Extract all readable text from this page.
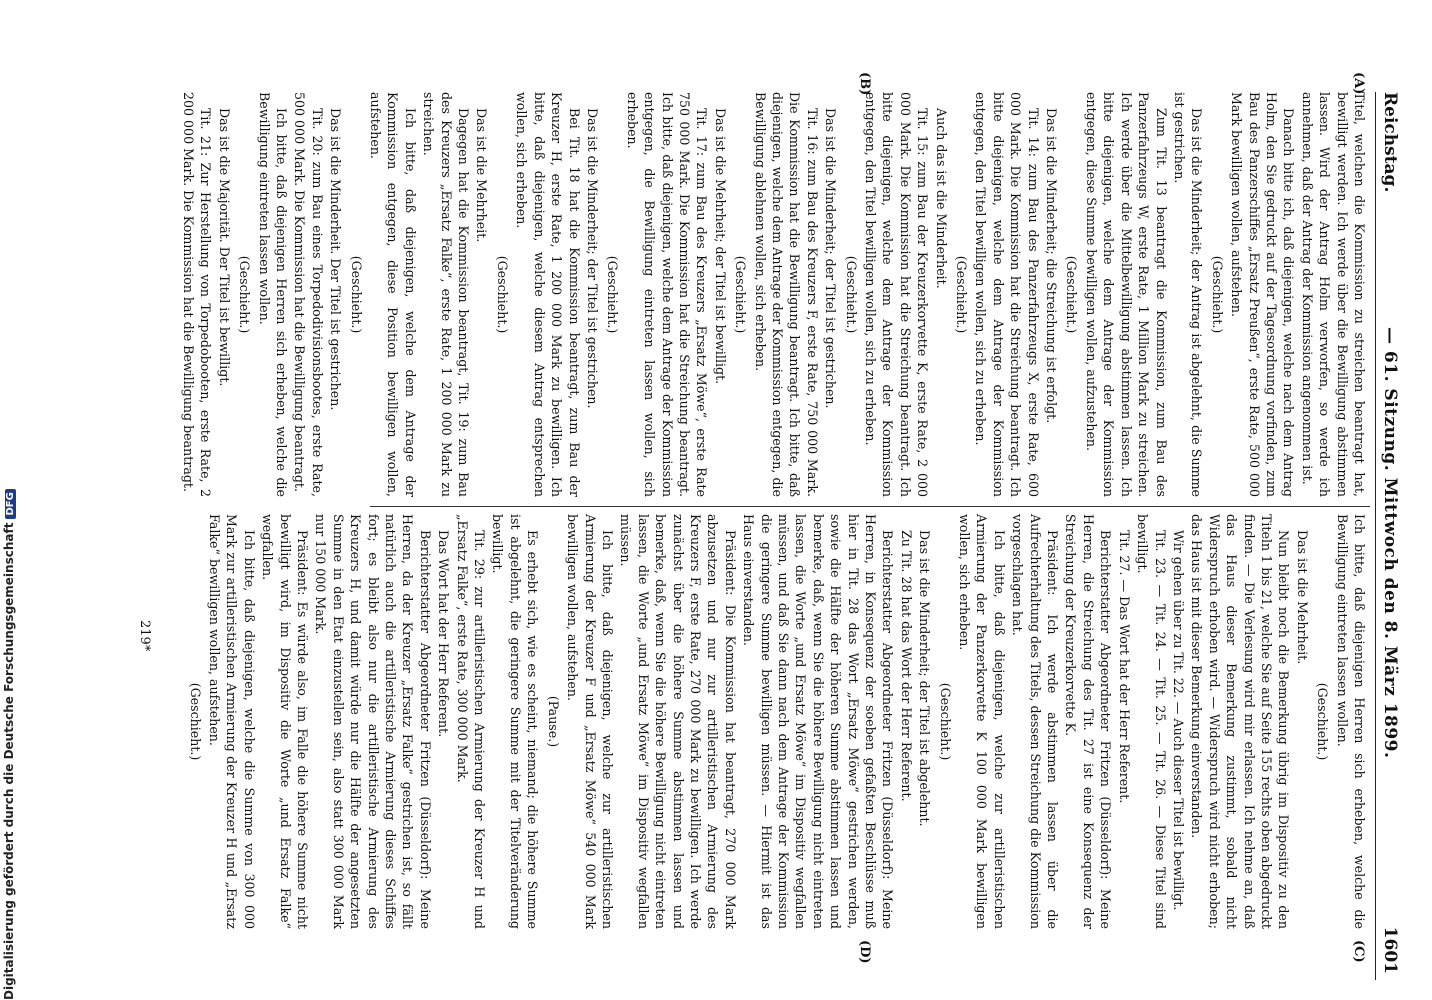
Reichstag.
— 61. Sitzung. Mittwoch den 8. März 1899.
1601
(A)
(B)
(C)
(D)

Titel, welchen die Kommission zu streichen beantragt hat, bewilligt werden. Ich werde über die Bewilligung abstimmen lassen. Wird der Antrag Holm verworfen, so werde ich annehmen, daß der Antrag der Kommission angenommen ist.

Danach bitte ich, daß diejenigen, welche nach dem Antrag Holm, den Sie gedruckt auf der Tagesordnung vorfinden, zum Bau des Panzerschiffes „Ersatz Preußen“, erste Rate, 500 000 Mark bewilligen wollen, aufstehen.

(Geschieht.)

Das ist die Minderheit; der Antrag ist abgelehnt, die Summe ist gestrichen.

Zum Tit. 13 beantragt die Kommission, zum Bau des Panzerfahrzeugs W, erste Rate, 1 Million Mark zu streichen. Ich werde über die Mittelbewilligung abstimmen lassen. Ich bitte diejenigen, welche dem Antrage der Kommission entgegen, diese Summe bewilligen wollen, aufzustehen.

(Geschieht.)

Das ist die Minderheit; die Streichung ist erfolgt.

Tit. 14: zum Bau des Panzerfahrzeugs X, erste Rate, 600 000 Mark. Die Kommission hat die Streichung beantragt. Ich bitte diejenigen, welche dem Antrage der Kommission entgegen, den Titel bewilligen wollen, sich zu erheben.

(Geschieht.)

Auch das ist die Minderheit.

Tit. 15: zum Bau der Kreuzerkorvette K, erste Rate, 2 000 000 Mark. Die Kommission hat die Streichung beantragt. Ich bitte diejenigen, welche dem Antrage der Kommission entgegen, den Titel bewilligen wollen, sich zu erheben.

(Geschieht.)

Das ist die Minderheit; der Titel ist gestrichen.

Tit. 16: zum Bau des Kreuzers F, erste Rate, 750 000 Mark. Die Kommission hat die Bewilligung beantragt. Ich bitte, daß diejenigen, welche dem Antrage der Kommission entgegen, die Bewilligung ablehnen wollen, sich erheben.

(Geschieht.)

Das ist die Mehrheit; der Titel ist bewilligt.

Tit. 17: zum Bau des Kreuzers „Ersatz Möwe“, erste Rate 750 000 Mark. Die Kommission hat die Streichung beantragt. Ich bitte, daß diejenigen, welche dem Antrage der Kommission entgegen, die Bewilligung eintreten lassen wollen, sich erheben.

(Geschieht.)

Das ist die Minderheit; der Titel ist gestrichen.

Bei Tit. 18 hat die Kommission beantragt, zum Bau der Kreuzer H, erste Rate, 1 200 000 Mark zu bewilligen. Ich bitte, daß diejenigen, welche diesem Antrag entsprechen wollen, sich erheben.

(Geschieht.)

Das ist die Mehrheit.

Dagegen hat die Kommission beantragt, Tit. 19: zum Bau des Kreuzers „Ersatz Falke“, erste Rate, 1 200 000 Mark zu streichen.

Ich bitte, daß diejenigen, welche dem Antrage der Kommission entgegen, diese Position bewilligen wollen, aufstehen.

(Geschieht.)

Das ist die Minderheit. Der Titel ist gestrichen.

Tit. 20: zum Bau eines Torpedodivisionsbootes, erste Rate, 500 000 Mark. Die Kommission hat die Bewilligung beantragt.

Ich bitte, daß diejenigen Herren sich erheben, welche die Bewilligung eintreten lassen wollen.

(Geschieht.)

Das ist die Majorität. Der Titel ist bewilligt.

Tit. 21: Zur Herstellung von Torpedobooten, erste Rate, 2 200 000 Mark. Die Kommission hat die Bewilligung beantragt.

Ich bitte, daß diejenigen Herren sich erheben, welche die Bewilligung eintreten lassen wollen.

(Geschieht.)

Das ist die Mehrheit.

Nun bleibt noch die Bemerkung übrig im Dispositiv zu den Titeln 1 bis 21, welche Sie auf Seite 155 rechts oben abgedruckt finden. — Die Verlesung wird mir erlassen. Ich nehme an, daß das Haus dieser Bemerkung zustimmt, sobald nicht Widerspruch erhoben wird. — Widerspruch wird nicht erhoben; das Haus ist mit dieser Bemerkung einverstanden.

Wir gehen über zu Tit. 22. — Auch dieser Titel ist bewilligt.

Tit. 23. — Tit. 24. — Tit. 25. — Tit. 26. — Diese Titel sind bewilligt.

Tit. 27. — Das Wort hat der Herr Referent.

Berichterstatter Abgeordneter Fritzen (Düsseldorf): Meine Herren, die Streichung des Tit. 27 ist eine Konsequenz der Streichung der Kreuzerkorvette K.

Präsident: Ich werde abstimmen lassen über die Aufrechterhaltung des Titels, dessen Streichung die Kommission vorgeschlagen hat.

Ich bitte, daß diejenigen, welche zur artilleristischen Armierung der Panzerkorvette K 100 000 Mark bewilligen wollen, sich erheben.

(Geschieht.)

Das ist die Minderheit; der Titel ist abgelehnt.

Zu Tit. 28 hat das Wort der Herr Referent.

Berichterstatter Abgeordneter Fritzen (Düsseldorf): Meine Herren, in Konsequenz der soeben gefaßten Beschlüsse muß hier in Tit. 28 das Wort „Ersatz Möwe“ gestrichen werden, sowie die Hälfte der höheren Summe abstimmen lassen und bemerke, daß, wenn Sie die höhere Bewilligung nicht eintreten lassen, die Worte „und Ersatz Möwe“ im Dispositiv wegfallen müssen, und daß Sie dann nach dem Antrage der Kommission die geringere Summe bewilligen müssen. — Hiermit ist das Haus einverstanden.

Präsident: Die Kommission hat beantragt, 270 000 Mark abzusetzen und nur zur artilleristischen Armierung des Kreuzers F, erste Rate, 270 000 Mark zu bewilligen. Ich werde zunächst über die höhere Summe abstimmen lassen und bemerke, daß, wenn Sie die höhere Bewilligung nicht eintreten lassen, die Worte „und Ersatz Möwe“ im Dispositiv wegfallen müssen.

Ich bitte, daß diejenigen, welche zur artilleristischen Armierung der Kreuzer F und „Ersatz Möwe“ 540 000 Mark bewilligen wollen, aufstehen.

(Pause.)

Es erhebt sich, wie es scheint, niemand; die höhere Summe ist abgelehnt, die geringere Summe mit der Titelveränderung bewilligt.

Tit. 29: zur artilleristischen Armierung der Kreuzer H und „Ersatz Falke“, erste Rate, 300 000 Mark.

Das Wort hat der Herr Referent.

Berichterstatter Abgeordneter Fritzen (Düsseldorf): Meine Herren, da der Kreuzer „Ersatz Falke“ gestrichen ist, so fällt natürlich auch die artilleristische Armierung dieses Schiffes fort; es bleibt also nur die artilleristische Armierung des Kreuzers H, und damit würde nur die Hälfte der angesetzten Summe in den Etat einzustellen sein, also statt 300 000 Mark nur 150 000 Mark.

Präsident: Es würde also, im Falle die höhere Summe nicht bewilligt wird, im Dispositiv die Worte „und Ersatz Falke“ wegfallen.

Ich bitte, daß diejenigen, welche die Summe von 300 000 Mark zur artilleristischen Armierung der Kreuzer H und „Ersatz Falke“ bewilligen wollen, aufstehen.

(Geschieht.)

219*
Digitalisierung gefördert durch die Deutsche ForschungsgemeinschaftDFG
